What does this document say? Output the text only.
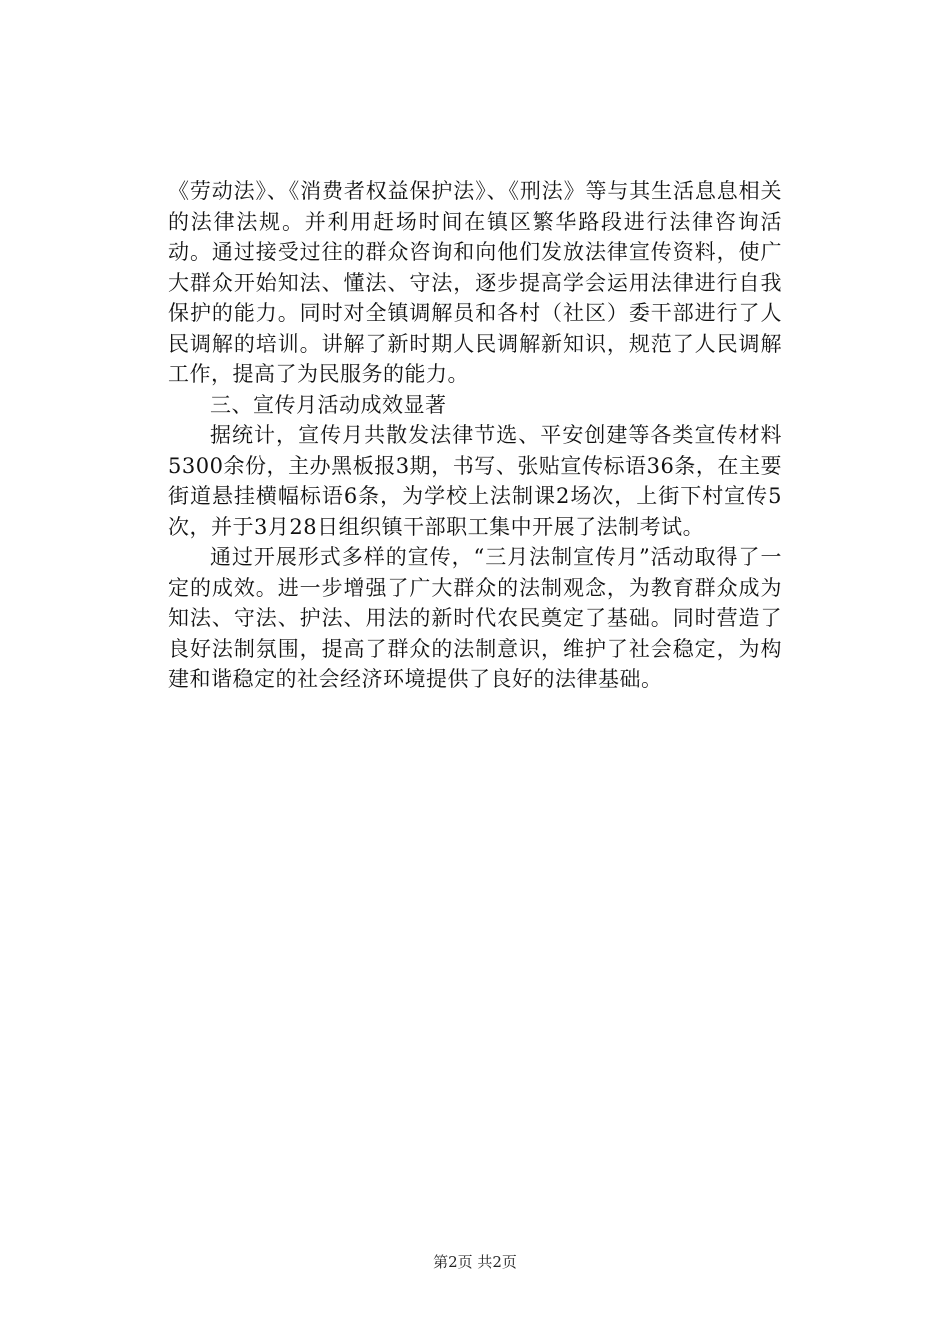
《劳动法》、《消费者权益保护法》、《刑法》等与其生活息息相关的法律法规。并利用赶场时间在镇区繁华路段进行法律咨询活动。通过接受过往的群众咨询和向他们发放法律宣传资料，使广大群众开始知法、懂法、守法，逐步提高学会运用法律进行自我保护的能力。同时对全镇调解员和各村（社区）委干部进行了人民调解的培训。讲解了新时期人民调解新知识，规范了人民调解工作，提高了为民服务的能力。

三、宣传月活动成效显著

据统计，宣传月共散发法律节选、平安创建等各类宣传材料5300余份，主办黑板报3期，书写、张贴宣传标语36条，在主要街道悬挂横幅标语6条，为学校上法制课2场次，上街下村宣传5次，并于3月28日组织镇干部职工集中开展了法制考试。

通过开展形式多样的宣传，“三月法制宣传月”活动取得了一定的成效。进一步增强了广大群众的法制观念，为教育群众成为知法、守法、护法、用法的新时代农民奠定了基础。同时营造了良好法制氛围，提高了群众的法制意识，维护了社会稳定，为构建和谐稳定的社会经济环境提供了良好的法律基础。

第2页 共2页
